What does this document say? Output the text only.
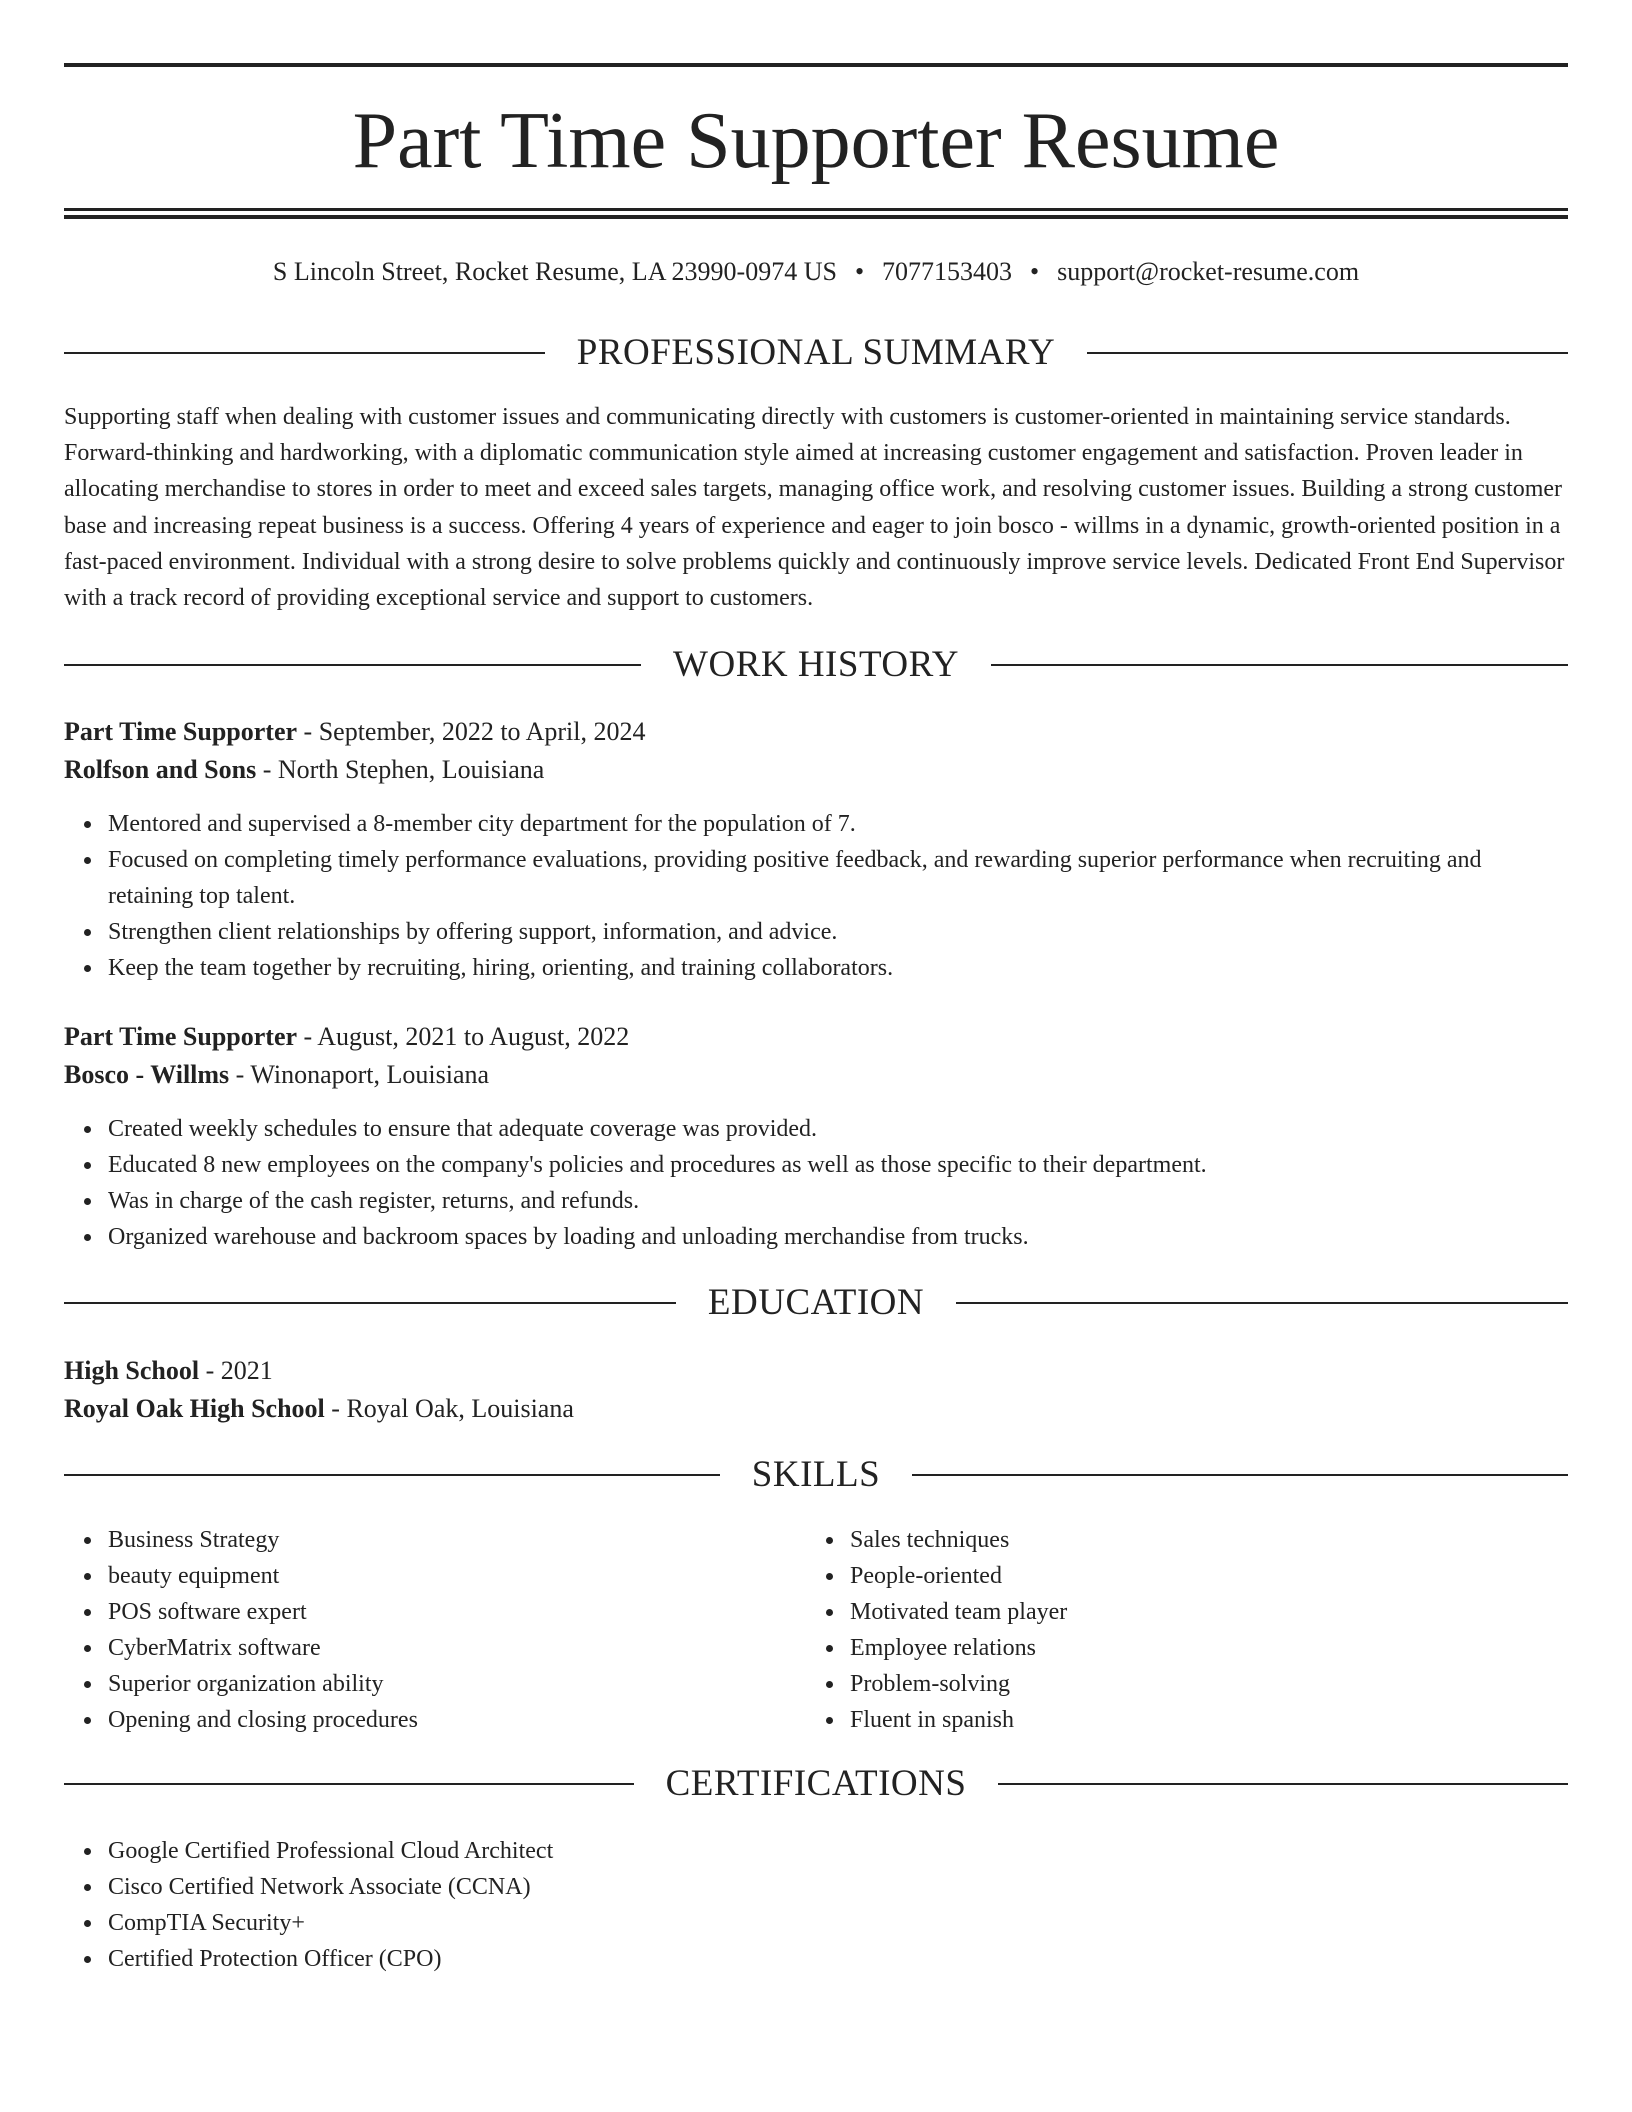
Part Time Supporter Resume
S Lincoln Street, Rocket Resume, LA 23990-0974 US • 7077153403 • support@rocket-resume.com
PROFESSIONAL SUMMARY

Supporting staff when dealing with customer issues and communicating directly with customers is customer-oriented in maintaining service standards. Forward-thinking and hardworking, with a diplomatic communication style aimed at increasing customer engagement and satisfaction. Proven leader in allocating merchandise to stores in order to meet and exceed sales targets, managing office work, and resolving customer issues. Building a strong customer base and increasing repeat business is a success. Offering 4 years of experience and eager to join bosco - willms in a dynamic, growth-oriented position in a fast-paced environment. Individual with a strong desire to solve problems quickly and continuously improve service levels. Dedicated Front End Supervisor with a track record of providing exceptional service and support to customers.

WORK HISTORY
Part Time Supporter - September, 2022 to April, 2024
Rolfson and Sons - North Stephen, Louisiana
Mentored and supervised a 8-member city department for the population of 7.
Focused on completing timely performance evaluations, providing positive feedback, and rewarding superior performance when recruiting and retaining top talent.
Strengthen client relationships by offering support, information, and advice.
Keep the team together by recruiting, hiring, orienting, and training collaborators.
Part Time Supporter - August, 2021 to August, 2022
Bosco - Willms - Winonaport, Louisiana
Created weekly schedules to ensure that adequate coverage was provided.
Educated 8 new employees on the company's policies and procedures as well as those specific to their department.
Was in charge of the cash register, returns, and refunds.
Organized warehouse and backroom spaces by loading and unloading merchandise from trucks.
EDUCATION
High School - 2021
Royal Oak High School - Royal Oak, Louisiana
SKILLS
Business Strategy
beauty equipment
POS software expert
CyberMatrix software
Superior organization ability
Opening and closing procedures
Sales techniques
People-oriented
Motivated team player
Employee relations
Problem-solving
Fluent in spanish
CERTIFICATIONS
Google Certified Professional Cloud Architect
Cisco Certified Network Associate (CCNA)
CompTIA Security+
Certified Protection Officer (CPO)
